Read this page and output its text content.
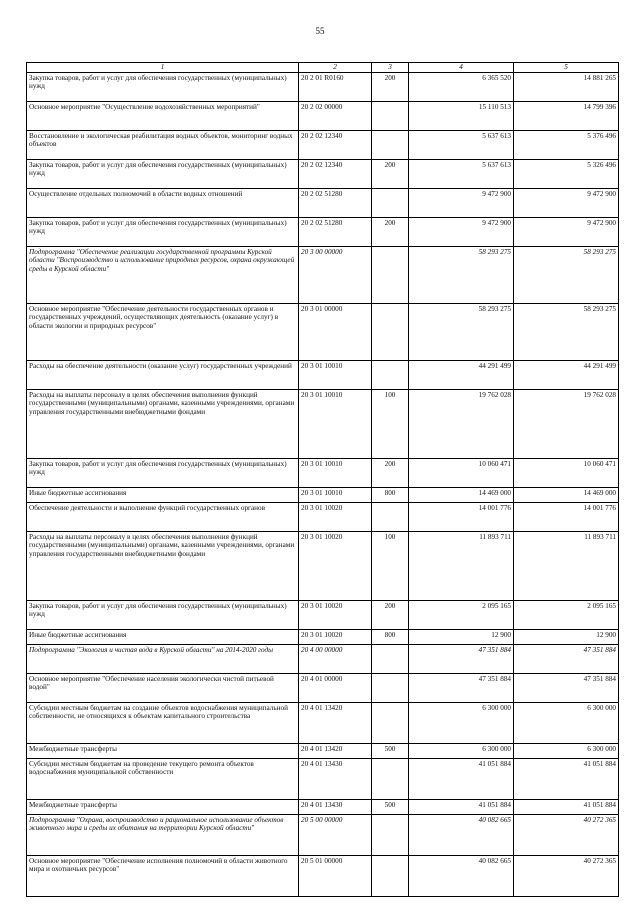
55
1	2	3	4	5
Закупка товаров, работ и услуг для обеспечения государственных (муниципальных) нужд	20 2 01 R0160	200	6 365 520	14 881 265
Основное мероприятие "Осуществление водохозяйственных мероприятий"	20 2 02 00000		15 110 513	14 799 396
Восстановление и экологическая реабилитация водных объектов, мониторинг водных объектов	20 2 02 12340		5 637 613	5 376 496
Закупка товаров, работ и услуг для обеспечения государственных (муниципальных) нужд	20 2 02 12340	200	5 637 613	5 326 496
Осуществление отдельных полномочий в области водных отношений	20 2 02 51280		9 472 900	9 472 900
Закупка товаров, работ и услуг для обеспечения государственных (муниципальных) нужд	20 2 02 51280	200	9 472 900	9 472 900
Подпрограмма "Обеспечение реализации государственной программы Курской области "Воспроизводство и использование природных ресурсов, охрана окружающей среды в Курской области"	20 3 00 00000		58 293 275	58 293 275
Основное мероприятие "Обеспечение деятельности государственных органов и государственных учреждений, осуществляющих деятельность (оказание услуг) в области экологии и природных ресурсов"	20 3 01 00000		58 293 275	58 293 275
Расходы на обеспечение деятельности (оказание услуг) государственных учреждений	20 3 01 10010		44 291 499	44 291 499
Расходы на выплаты персоналу в целях обеспечения выполнения функций государственными (муниципальными) органами, казенными учреждениями, органами управления государственными внебюджетными фондами	20 3 01 10010	100	19 762 028	19 762 028
Закупка товаров, работ и услуг для обеспечения государственных (муниципальных) нужд	20 3 01 10010	200	10 060 471	10 060 471
Иные бюджетные ассигнования	20 3 01 10010	800	14 469 000	14 469 000
Обеспечение деятельности и выполнение функций государственных органов	20 3 01 10020		14 001 776	14 001 776
Расходы на выплаты персоналу в целях обеспечения выполнения функций государственными (муниципальными) органами, казенными учреждениями, органами управления государственными внебюджетными фондами	20 3 01 10020	100	11 893 711	11 893 711
Закупка товаров, работ и услуг для обеспечения государственных (муниципальных) нужд	20 3 01 10020	200	2 095 165	2 095 165
Иные бюджетные ассигнования	20 3 01 10020	800	12 900	12 900
Подпрограмма "Экология и чистая вода в Курской области" на 2014-2020 годы	20 4 00 00000		47 351 884	47 351 884
Основное мероприятие "Обеспечение населения экологически чистой питьевой водой"	20 4 01 00000		47 351 884	47 351 884
Субсидии местным бюджетам на создание объектов водоснабжения муниципальной собственности, не относящихся к объектам капитального строительства	20 4 01 13420		6 300 000	6 300 000
Межбюджетные трансферты	20 4 01 13420	500	6 300 000	6 300 000
Субсидии местным бюджетам на проведение текущего ремонта объектов водоснабжения муниципальной собственности	20 4 01 13430		41 051 884	41 051 884
Межбюджетные трансферты	20 4 01 13430	500	41 051 884	41 051 884
Подпрограмма "Охрана, воспроизводство и рациональное использование объектов животного мира и среды их обитания на территории Курской области"	20 5 00 00000		40 082 665	40 272 365
Основное мероприятие "Обеспечение исполнения полномочий в области животного мира и охотничьих ресурсов"	20 5 01 00000		40 082 665	40 272 365
